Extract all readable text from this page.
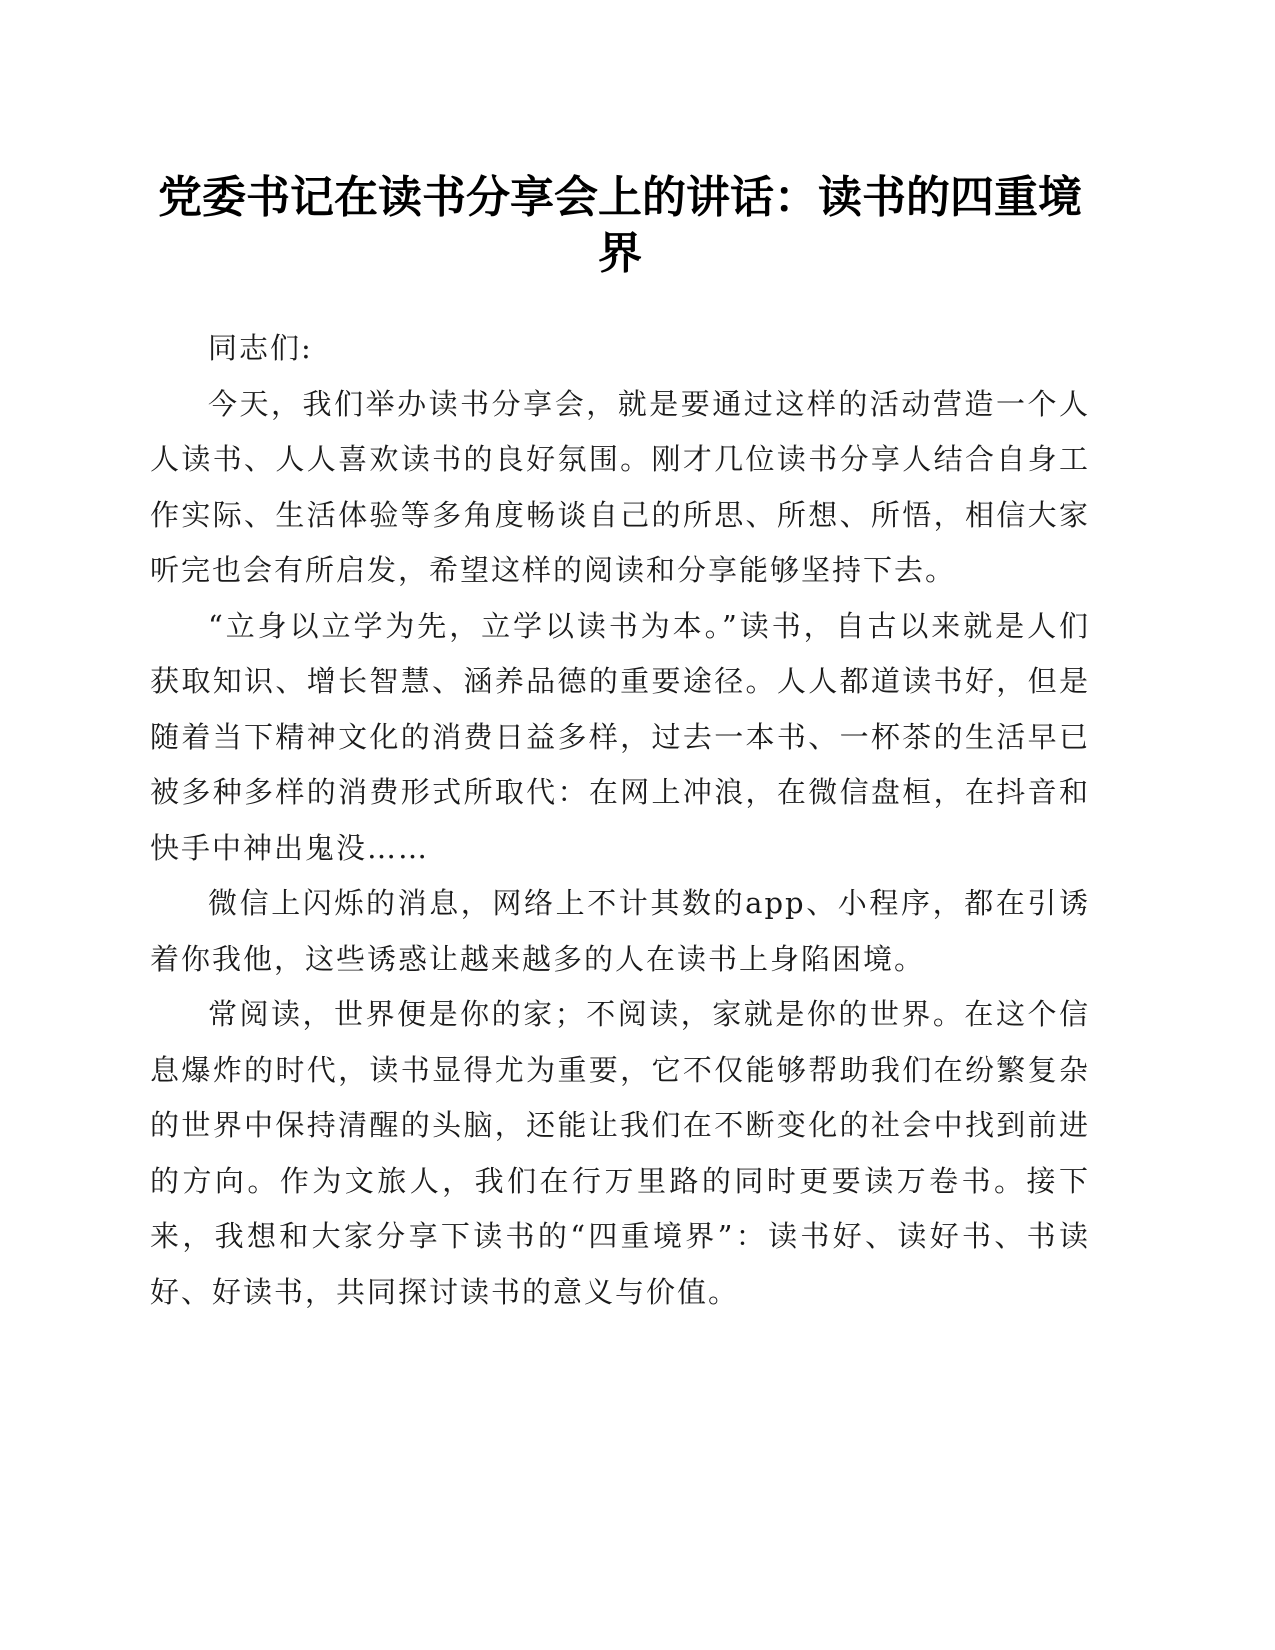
党委书记在读书分享会上的讲话：读书的四重境界

同志们:

今天，我们举办读书分享会，就是要通过这样的活动营造一个人人读书、人人喜欢读书的良好氛围。刚才几位读书分享人结合自身工作实际、生活体验等多角度畅谈自己的所思、所想、所悟，相信大家听完也会有所启发，希望这样的阅读和分享能够坚持下去。

“立身以立学为先，立学以读书为本。”读书，自古以来就是人们获取知识、增长智慧、涵养品德的重要途径。人人都道读书好，但是随着当下精神文化的消费日益多样，过去一本书、一杯茶的生活早已被多种多样的消费形式所取代：在网上冲浪，在微信盘桓，在抖音和快手中神出鬼没……

微信上闪烁的消息，网络上不计其数的app、小程序，都在引诱着你我他，这些诱惑让越来越多的人在读书上身陷困境。

常阅读，世界便是你的家；不阅读，家就是你的世界。在这个信息爆炸的时代，读书显得尤为重要，它不仅能够帮助我们在纷繁复杂的世界中保持清醒的头脑，还能让我们在不断变化的社会中找到前进的方向。作为文旅人，我们在行万里路的同时更要读万卷书。接下来，我想和大家分享下读书的“四重境界”：读书好、读好书、书读好、好读书，共同探讨读书的意义与价值。
